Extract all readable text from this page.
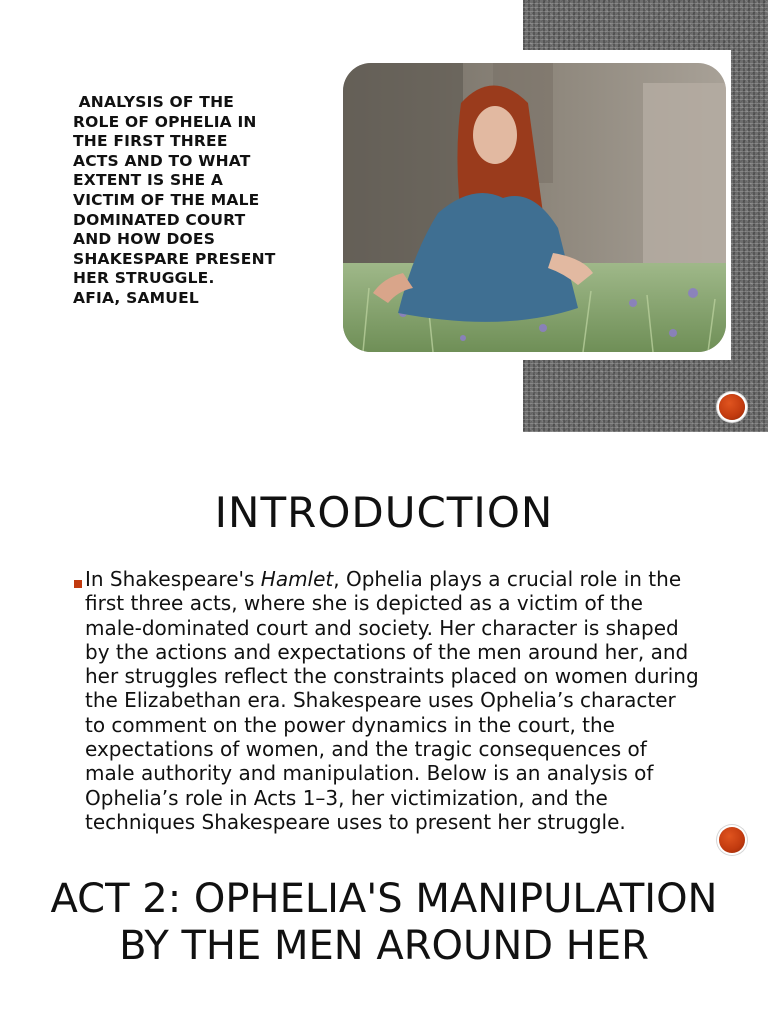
ANALYSIS OF THE
ROLE OF OPHELIA IN
THE FIRST THREE
ACTS AND TO WHAT
EXTENT IS SHE A
VICTIM OF THE MALE
DOMINATED COURT
AND HOW DOES
SHAKESPARE PRESENT
HER STRUGGLE.
AFIA, SAMUEL
INTRODUCTION
In Shakespeare's Hamlet, Ophelia plays a crucial role in the first three acts, where she is depicted as a victim of the male-dominated court and society. Her character is shaped by the actions and expectations of the men around her, and her struggles reflect the constraints placed on women during the Elizabethan era. Shakespeare uses Ophelia’s character to comment on the power dynamics in the court, the expectations of women, and the tragic consequences of male authority and manipulation. Below is an analysis of Ophelia’s role in Acts 1–3, her victimization, and the techniques Shakespeare uses to present her struggle.
ACT 2: OPHELIA'S MANIPULATION BY THE MEN AROUND HER
